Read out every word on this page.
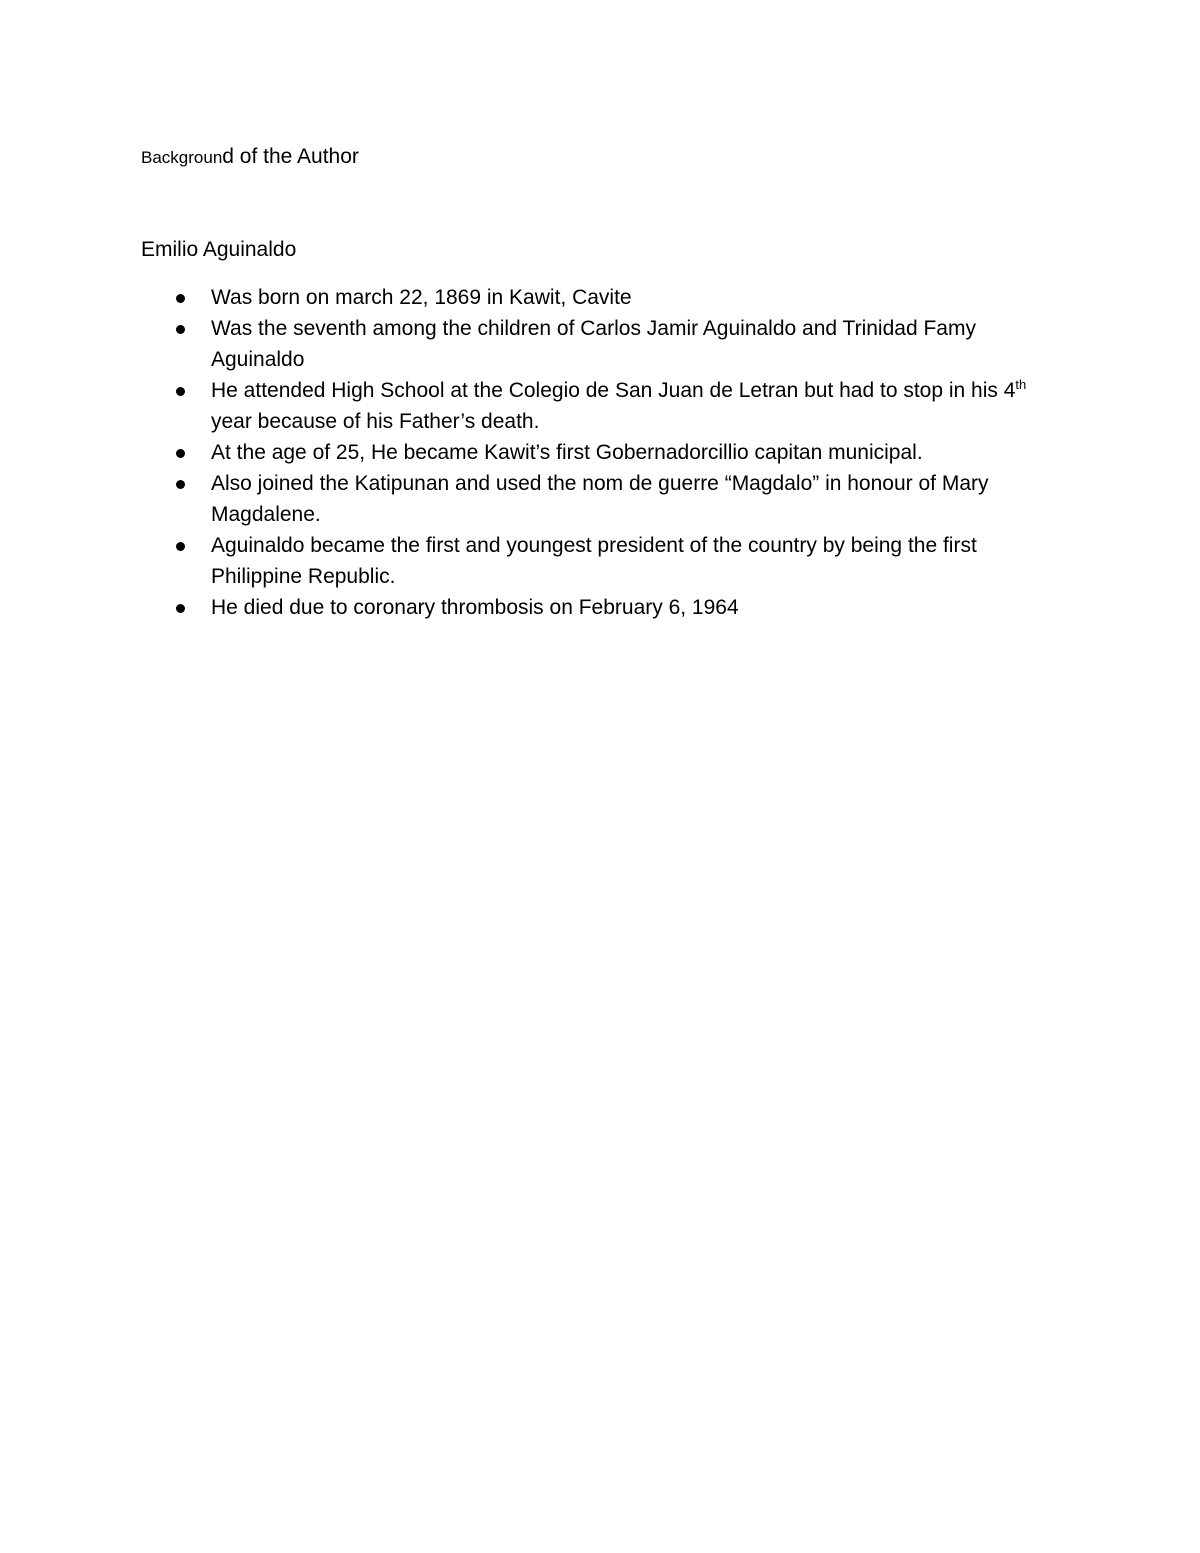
Background of the Author
Emilio Aguinaldo
Was born on march 22, 1869 in Kawit, Cavite
Was the seventh among the children of Carlos Jamir Aguinaldo and Trinidad Famy Aguinaldo
He attended High School at the Colegio de San Juan de Letran but had to stop in his 4th year because of his Father’s death.
At the age of 25, He became Kawit’s first Gobernadorcillio capitan municipal.
Also joined the Katipunan and used the nom de guerre “Magdalo” in honour of Mary Magdalene.
Aguinaldo became the first and youngest president of the country by being the first Philippine Republic.
He died due to coronary thrombosis on February 6, 1964
